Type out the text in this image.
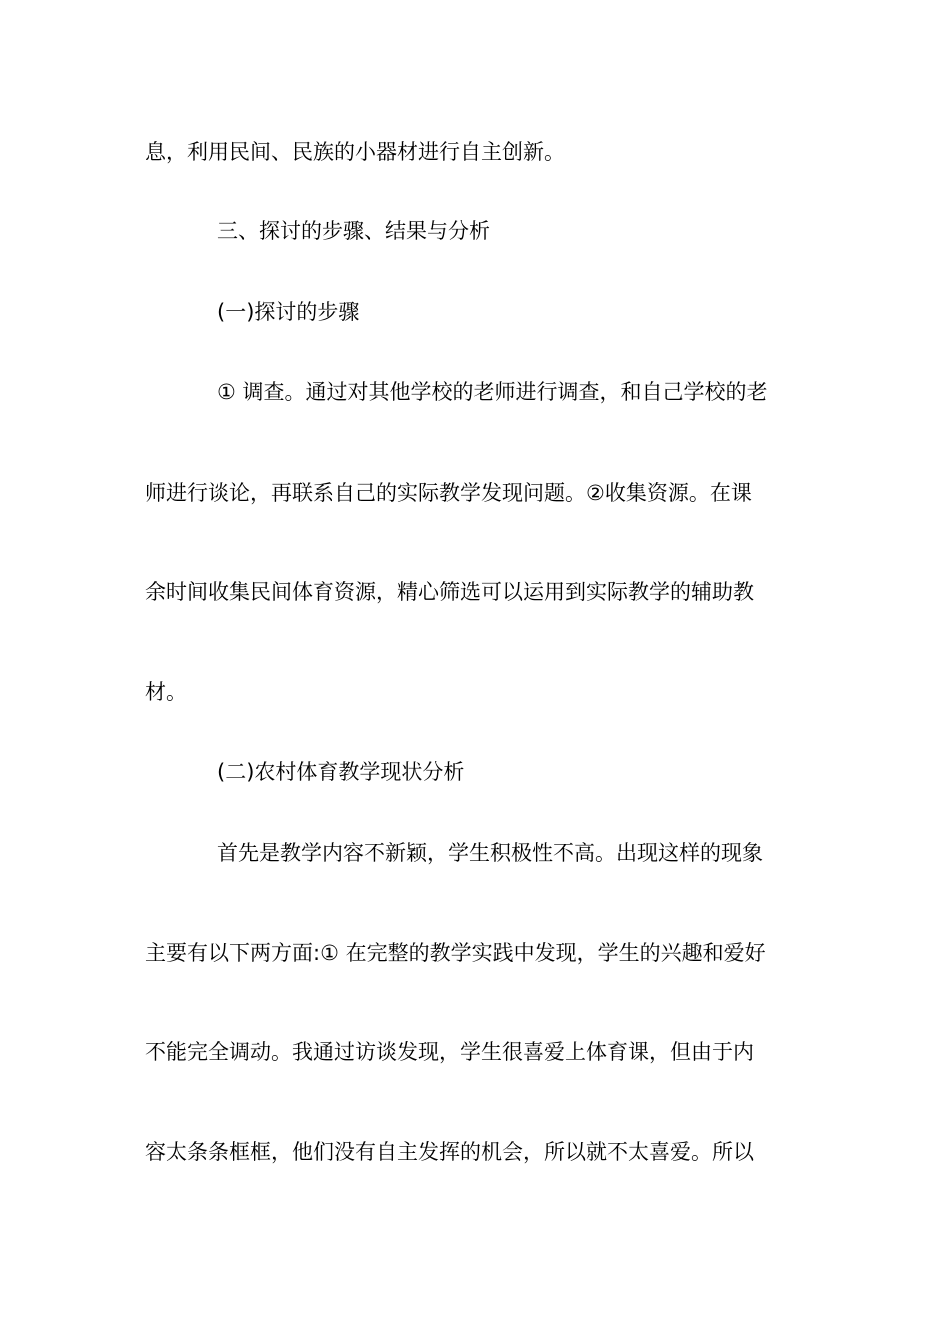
息，利用民间、民族的小器材进行自主创新。
三、探讨的步骤、结果与分析
(一)探讨的步骤
① 调查。通过对其他学校的老师进行调查，和自己学校的老
师进行谈论，再联系自己的实际教学发现问题。②收集资源。在课
余时间收集民间体育资源，精心筛选可以运用到实际教学的辅助教
材。
(二)农村体育教学现状分析
首先是教学内容不新颖，学生积极性不高。出现这样的现象
主要有以下两方面:① 在完整的教学实践中发现，学生的兴趣和爱好
不能完全调动。我通过访谈发现，学生很喜爱上体育课，但由于内
容太条条框框，他们没有自主发挥的机会，所以就不太喜爱。所以
